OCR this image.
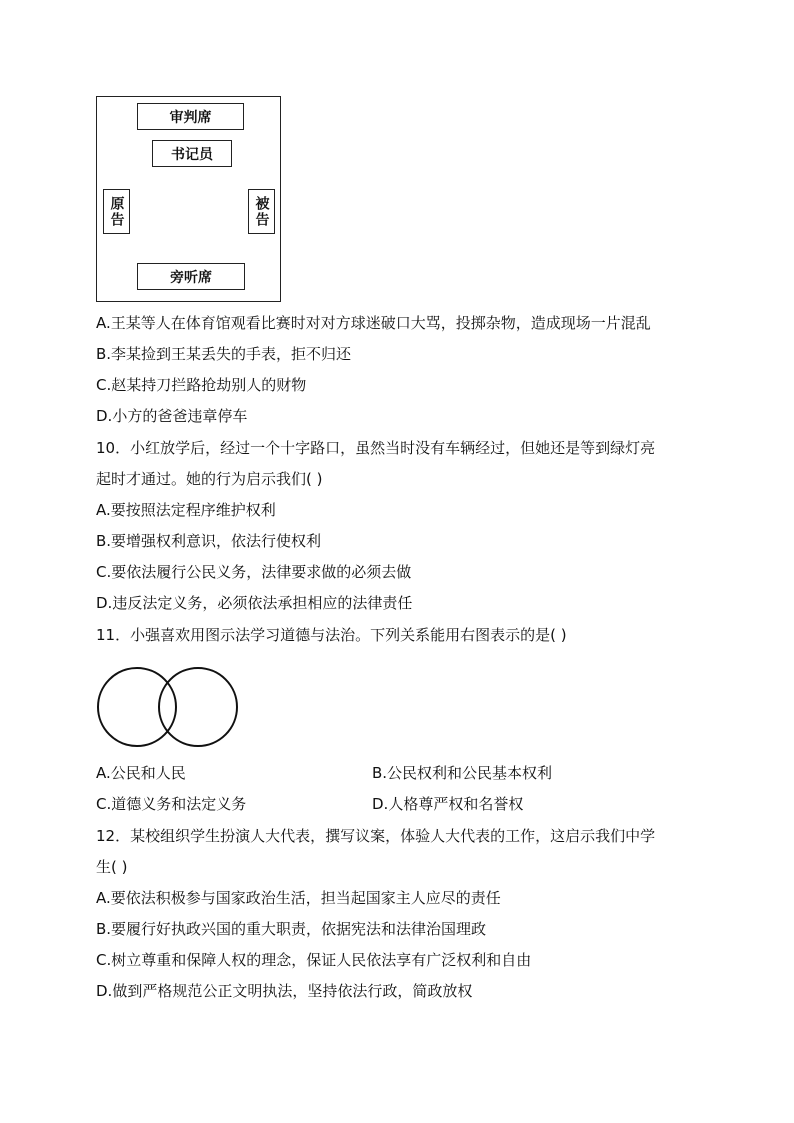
审判席
书记员
原告	被告
旁听席
A.王某等人在体育馆观看比赛时对对方球迷破口大骂，投掷杂物，造成现场一片混乱
B.李某捡到王某丢失的手表，拒不归还
C.赵某持刀拦路抢劫别人的财物
D.小方的爸爸违章停车
10．小红放学后，经过一个十字路口，虽然当时没有车辆经过，但她还是等到绿灯亮
起时才通过。她的行为启示我们( )
A.要按照法定程序维护权利
B.要增强权利意识，依法行使权利
C.要依法履行公民义务，法律要求做的必须去做
D.违反法定义务，必须依法承担相应的法律责任
11．小强喜欢用图示法学习道德与法治。下列关系能用右图表示的是( )
A.公民和人民	B.公民权利和公民基本权利
C.道德义务和法定义务	D.人格尊严权和名誉权
12．某校组织学生扮演人大代表，撰写议案，体验人大代表的工作，这启示我们中学
生( )
A.要依法积极参与国家政治生活，担当起国家主人应尽的责任
B.要履行好执政兴国的重大职责，依据宪法和法律治国理政
C.树立尊重和保障人权的理念，保证人民依法享有广泛权利和自由
D.做到严格规范公正文明执法，坚持依法行政，简政放权
